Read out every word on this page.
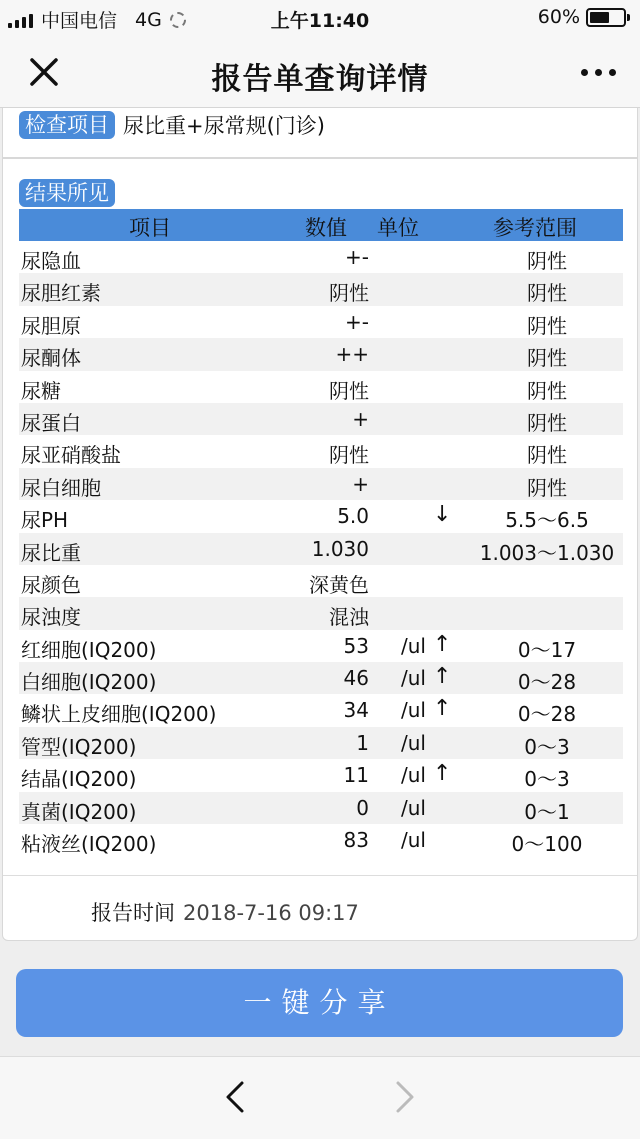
中国电信 4G	上午11:40	60%
报告单查询详情
检查项目 尿比重+尿常规(门诊)
结果所见
项目	数值 单位	参考范围
尿隐血	+-	阴性
尿胆红素	阴性	阴性
尿胆原	+-	阴性
尿酮体	++	阴性
尿糖	阴性	阴性
尿蛋白	+	阴性
尿亚硝酸盐	阴性	阴性
尿白细胞	+	阴性
尿PH	5.0	↓	5.5～6.5
尿比重	1.030	1.003～1.030
尿颜色	深黄色
尿浊度	混浊
红细胞(IQ200)	53 /ul ↑	0～17
白细胞(IQ200)	46 /ul ↑	0～28
鳞状上皮细胞(IQ200)	34 /ul ↑	0～28
管型(IQ200)	1 /ul	0～3
结晶(IQ200)	11 /ul ↑	0～3
真菌(IQ200)	0 /ul	0～1
粘液丝(IQ200)	83 /ul	0～100
报告时间 2018-7-16 09:17
一键分享
